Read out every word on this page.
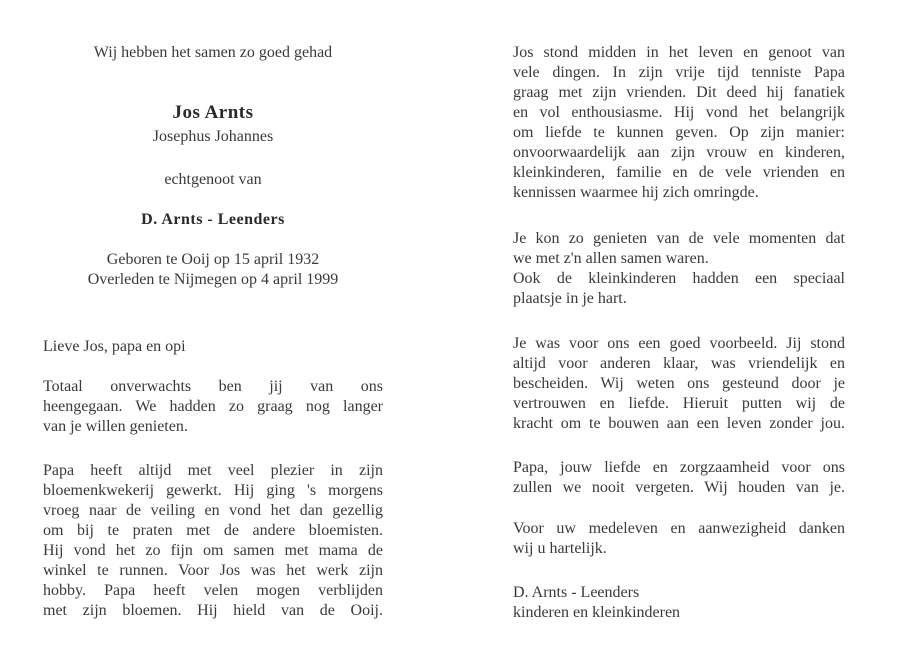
Wij hebben het samen zo goed gehad
Jos Arnts
Josephus Johannes
echtgenoot van
D. Arnts - Leenders
Geboren te Ooij op 15 april 1932
Overleden te Nijmegen op 4 april 1999
Lieve Jos, papa en opi
Totaal onverwachts ben jij van ons
heengegaan. We hadden zo graag nog langer
van je willen genieten.
Papa heeft altijd met veel plezier in zijn
bloemenkwekerij gewerkt. Hij ging 's morgens
vroeg naar de veiling en vond het dan gezellig
om bij te praten met de andere bloemisten.
Hij vond het zo fijn om samen met mama de
winkel te runnen. Voor Jos was het werk zijn
hobby. Papa heeft velen mogen verblijden
met zijn bloemen. Hij hield van de Ooij.
Jos stond midden in het leven en genoot van
vele dingen. In zijn vrije tijd tenniste Papa
graag met zijn vrienden. Dit deed hij fanatiek
en vol enthousiasme. Hij vond het belangrijk
om liefde te kunnen geven. Op zijn manier:
onvoorwaardelijk aan zijn vrouw en kinderen,
kleinkinderen, familie en de vele vrienden en
kennissen waarmee hij zich omringde.
Je kon zo genieten van de vele momenten dat
we met z'n allen samen waren.
Ook de kleinkinderen hadden een speciaal
plaatsje in je hart.
Je was voor ons een goed voorbeeld. Jij stond
altijd voor anderen klaar, was vriendelijk en
bescheiden. Wij weten ons gesteund door je
vertrouwen en liefde. Hieruit putten wij de
kracht om te bouwen aan een leven zonder jou.
Papa, jouw liefde en zorgzaamheid voor ons
zullen we nooit vergeten. Wij houden van je.
Voor uw medeleven en aanwezigheid danken
wij u hartelijk.
D. Arnts - Leenders
kinderen en kleinkinderen
